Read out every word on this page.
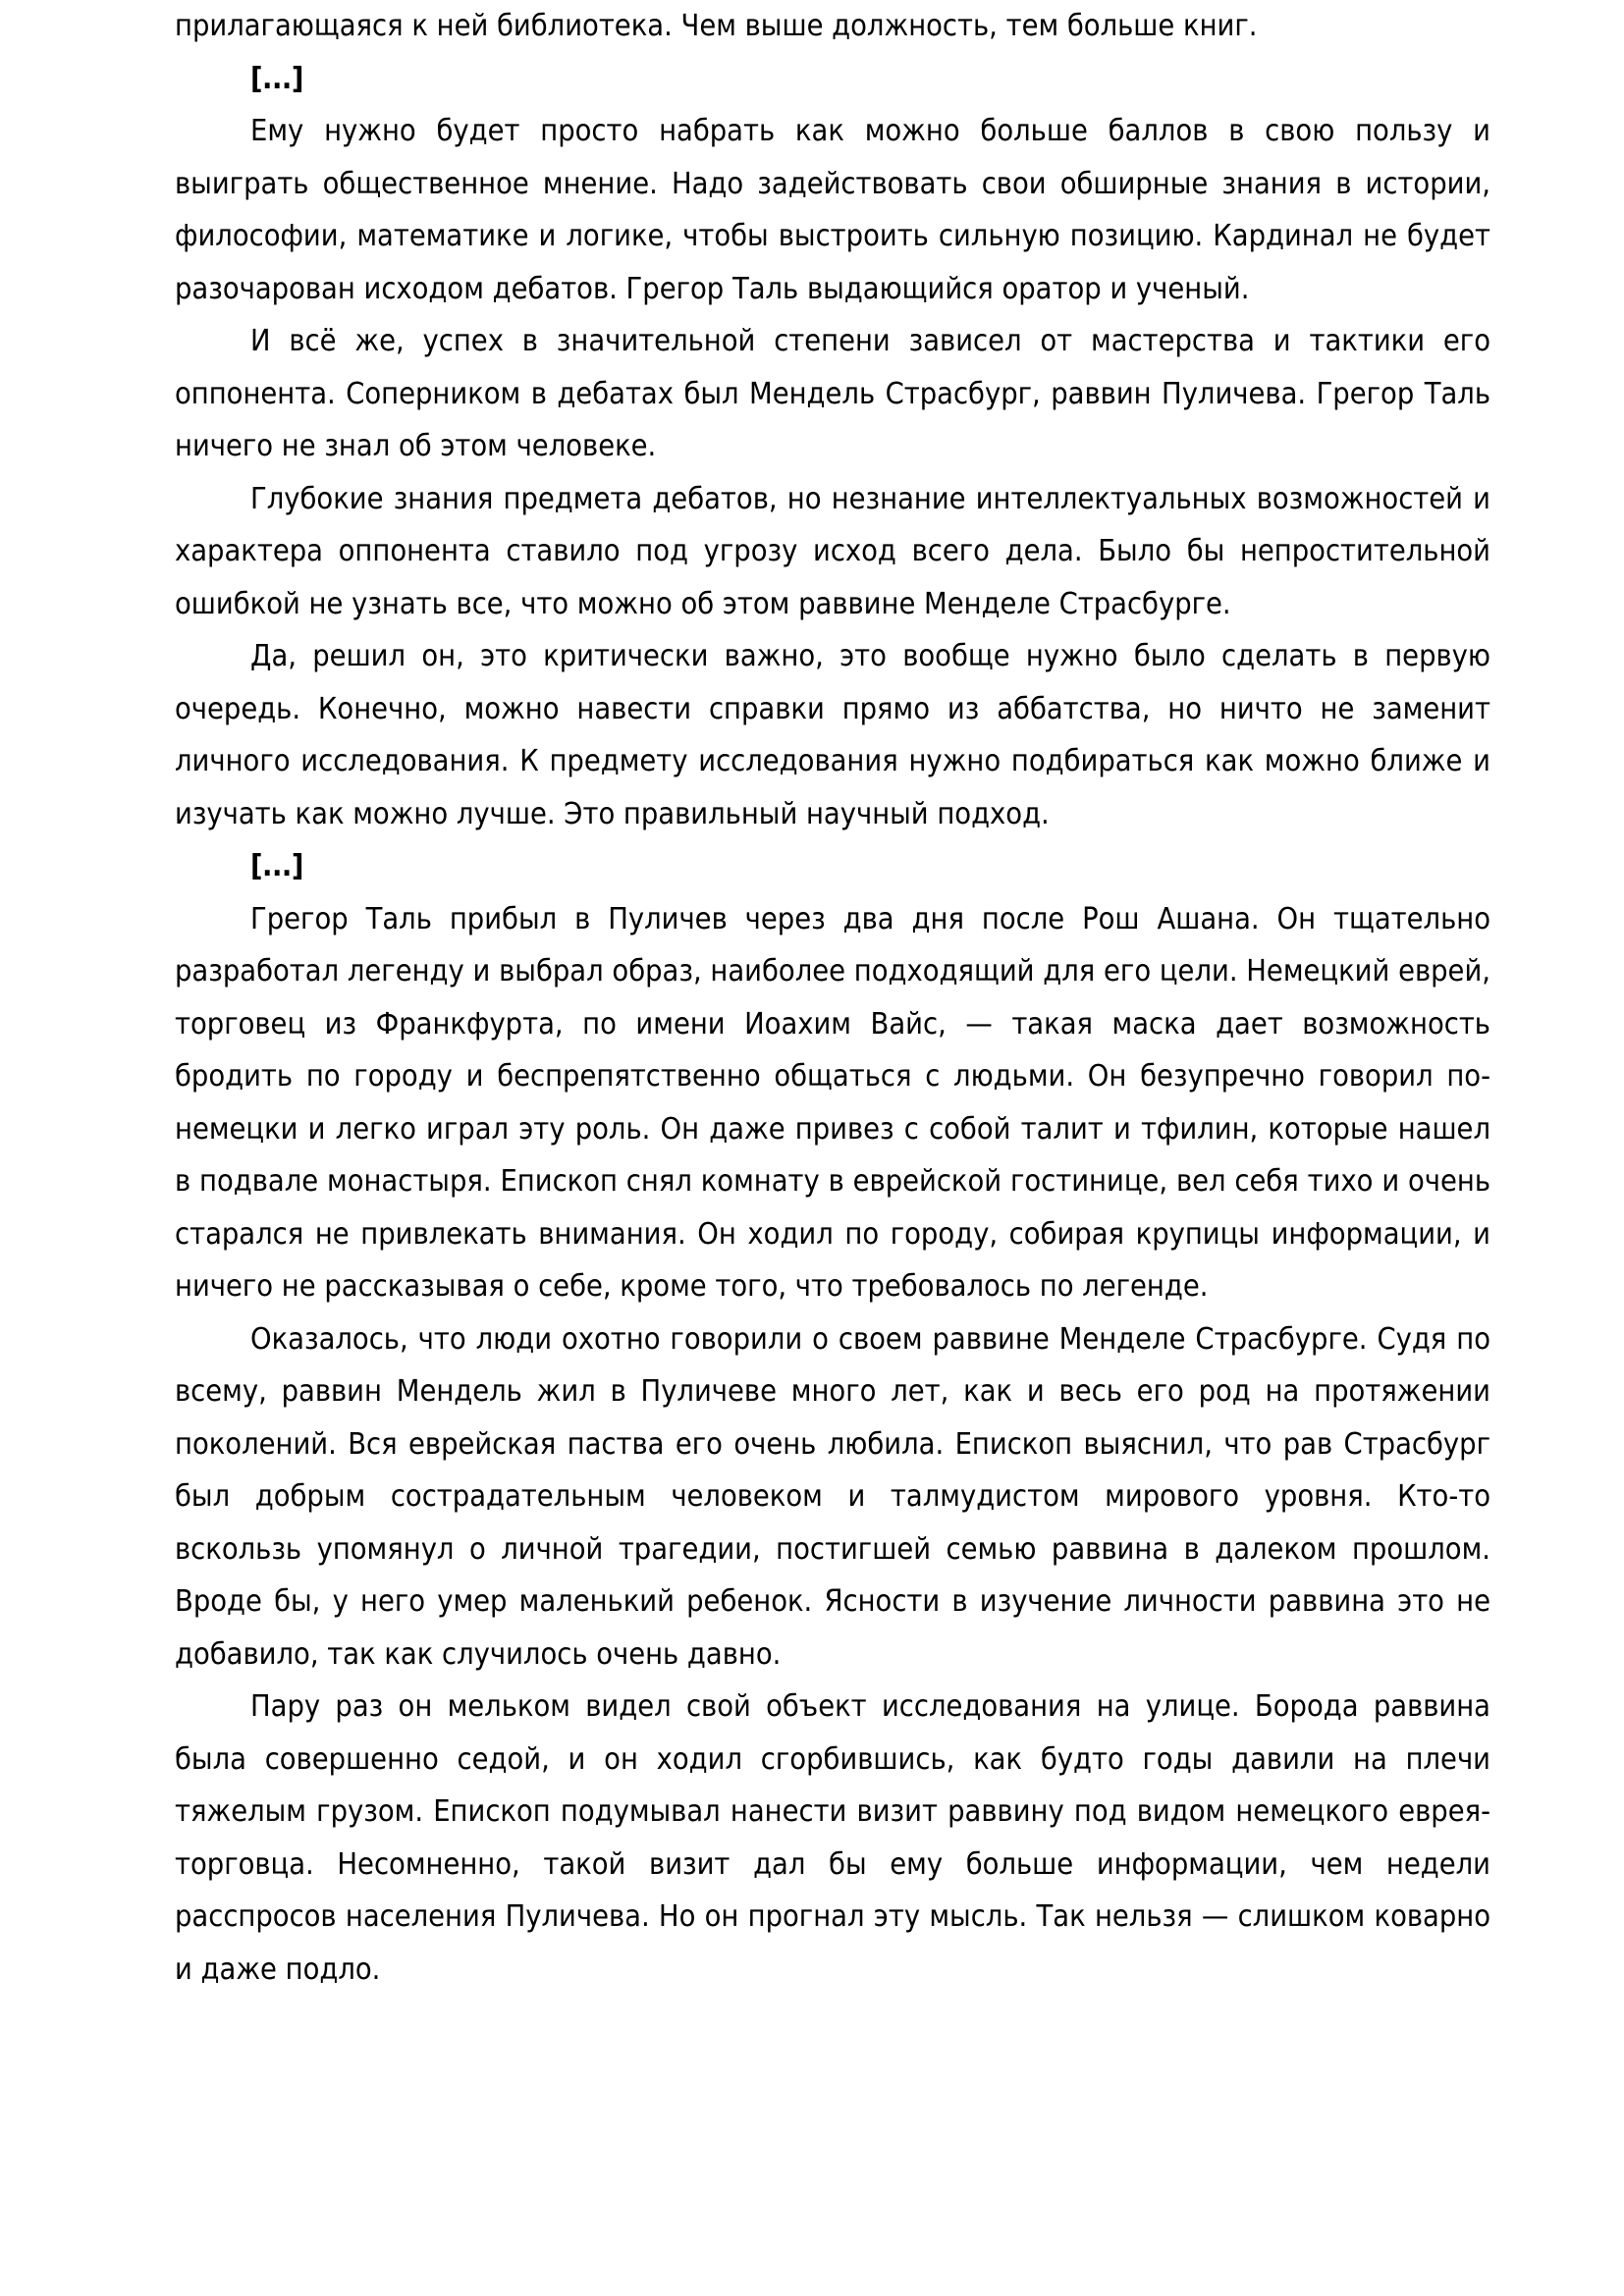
прилагающаяся к ней библиотека. Чем выше должность, тем больше книг.

[...]

Ему нужно будет просто набрать как можно больше баллов в свою пользу и выиграть общественное мнение. Надо задействовать свои обширные знания в истории, философии, математике и логике, чтобы выстроить сильную позицию. Кардинал не будет разочарован исходом дебатов. Грегор Таль выдающийся оратор и ученый.

И всё же, успех в значительной степени зависел от мастерства и тактики его оппонента. Соперником в дебатах был Мендель Страсбург, раввин Пуличева. Грегор Таль ничего не знал об этом человеке.

Глубокие знания предмета дебатов, но незнание интеллектуальных возможностей и характера оппонента ставило под угрозу исход всего дела. Было бы непростительной ошибкой не узнать все, что можно об этом раввине Менделе Страсбурге.

Да, решил он, это критически важно, это вообще нужно было сделать в первую очередь. Конечно, можно навести справки прямо из аббатства, но ничто не заменит личного исследования. К предмету исследования нужно подбираться как можно ближе и изучать как можно лучше. Это правильный научный подход.

[...]

Грегор Таль прибыл в Пуличев через два дня после Рош Ашана. Он тщательно разработал легенду и выбрал образ, наиболее подходящий для его цели. Немецкий еврей, торговец из Франкфурта, по имени Иоахим Вайс, — такая маска дает возможность бродить по городу и беспрепятственно общаться с людьми. Он безупречно говорил по-немецки и легко играл эту роль. Он даже привез с собой талит и тфилин, которые нашел в подвале монастыря. Епископ снял комнату в еврейской гостинице, вел себя тихо и очень старался не привлекать внимания. Он ходил по городу, собирая крупицы информации, и ничего не рассказывая о себе, кроме того, что требовалось по легенде.

Оказалось, что люди охотно говорили о своем раввине Менделе Страсбурге. Судя по всему, раввин Мендель жил в Пуличеве много лет, как и весь его род на протяжении поколений. Вся еврейская паства его очень любила. Епископ выяснил, что рав Страсбург был добрым сострадательным человеком и талмудистом мирового уровня. Кто-то вскользь упомянул о личной трагедии, постигшей семью раввина в далеком прошлом. Вроде бы, у него умер маленький ребенок. Ясности в изучение личности раввина это не добавило, так как случилось очень давно.

Пару раз он мельком видел свой объект исследования на улице. Борода раввина была совершенно седой, и он ходил сгорбившись, как будто годы давили на плечи тяжелым грузом. Епископ подумывал нанести визит раввину под видом немецкого еврея-торговца. Несомненно, такой визит дал бы ему больше информации, чем недели расспросов населения Пуличева. Но он прогнал эту мысль. Так нельзя — слишком коварно и даже подло.
